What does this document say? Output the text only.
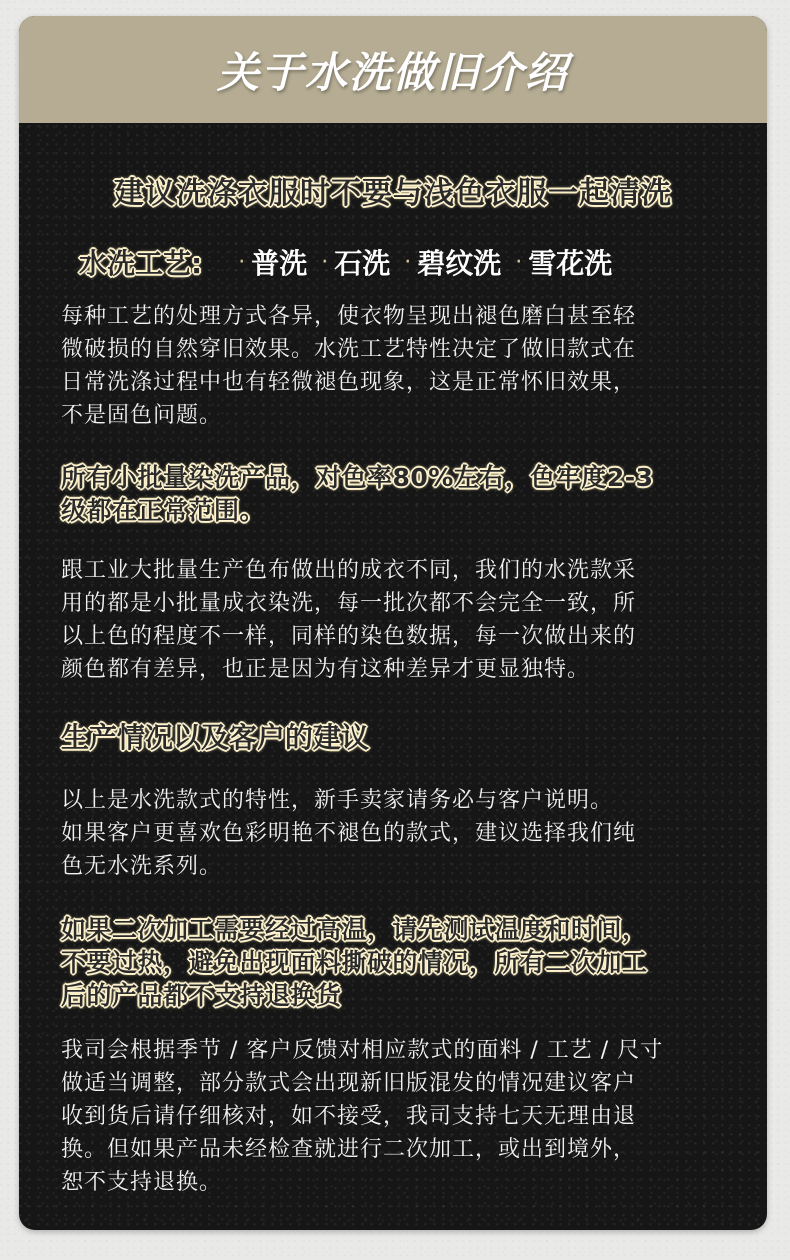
关于水洗做旧介绍
建议洗涤衣服时不要与浅色衣服一起清洗
水洗工艺: · 普洗 · 石洗 · 碧纹洗 · 雪花洗
每种工艺的处理方式各异，使衣物呈现出褪色磨白甚至轻
微破损的自然穿旧效果。水洗工艺特性决定了做旧款式在
日常洗涤过程中也有轻微褪色现象，这是正常怀旧效果，
不是固色问题。
所有小批量染洗产品，对色率80%左右，色牢度2-3
级都在正常范围。
跟工业大批量生产色布做出的成衣不同，我们的水洗款采
用的都是小批量成衣染洗，每一批次都不会完全一致，所
以上色的程度不一样，同样的染色数据，每一次做出来的
颜色都有差异，也正是因为有这种差异才更显独特。
生产情况以及客户的建议
以上是水洗款式的特性，新手卖家请务必与客户说明。
如果客户更喜欢色彩明艳不褪色的款式，建议选择我们纯
色无水洗系列。
如果二次加工需要经过高温，请先测试温度和时间，
不要过热，避免出现面料撕破的情况，所有二次加工
后的产品都不支持退换货
我司会根据季节 / 客户反馈对相应款式的面料 / 工艺 / 尺寸
做适当调整，部分款式会出现新旧版混发的情况建议客户
收到货后请仔细核对，如不接受，我司支持七天无理由退
换。但如果产品未经检查就进行二次加工，或出到境外，
恕不支持退换。
